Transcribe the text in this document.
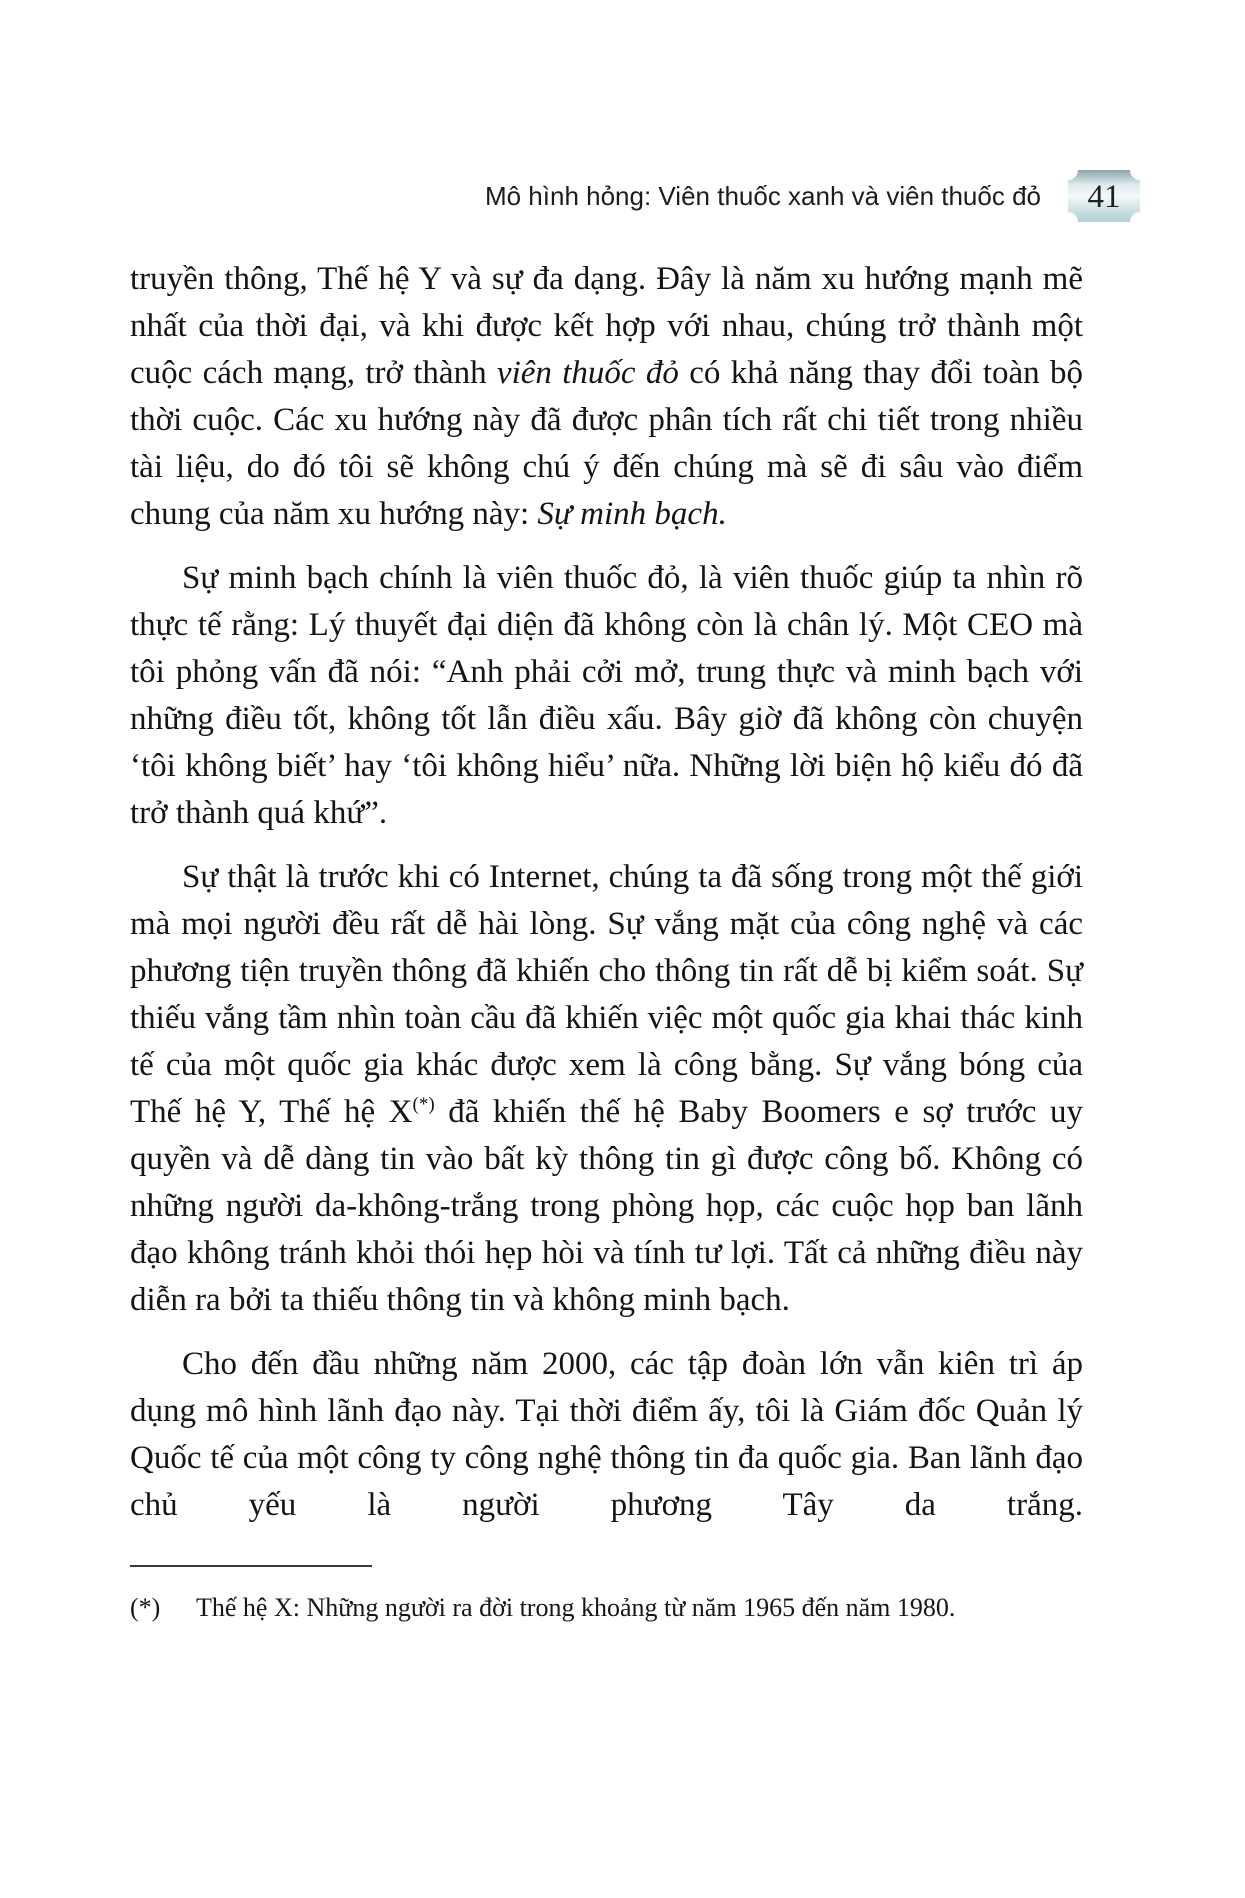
Mô hình hỏng: Viên thuốc xanh và viên thuốc đỏ	41

truyền thông, Thế hệ Y và sự đa dạng. Đây là năm xu hướng mạnh mẽ nhất của thời đại, và khi được kết hợp với nhau, chúng trở thành một cuộc cách mạng, trở thành viên thuốc đỏ có khả năng thay đổi toàn bộ thời cuộc. Các xu hướng này đã được phân tích rất chi tiết trong nhiều tài liệu, do đó tôi sẽ không chú ý đến chúng mà sẽ đi sâu vào điểm chung của năm xu hướng này: Sự minh bạch.

Sự minh bạch chính là viên thuốc đỏ, là viên thuốc giúp ta nhìn rõ thực tế rằng: Lý thuyết đại diện đã không còn là chân lý. Một CEO mà tôi phỏng vấn đã nói: “Anh phải cởi mở, trung thực và minh bạch với những điều tốt, không tốt lẫn điều xấu. Bây giờ đã không còn chuyện ‘tôi không biết’ hay ‘tôi không hiểu’ nữa. Những lời biện hộ kiểu đó đã trở thành quá khứ”.

Sự thật là trước khi có Internet, chúng ta đã sống trong một thế giới mà mọi người đều rất dễ hài lòng. Sự vắng mặt của công nghệ và các phương tiện truyền thông đã khiến cho thông tin rất dễ bị kiểm soát. Sự thiếu vắng tầm nhìn toàn cầu đã khiến việc một quốc gia khai thác kinh tế của một quốc gia khác được xem là công bằng. Sự vắng bóng của Thế hệ Y, Thế hệ X(*) đã khiến thế hệ Baby Boomers e sợ trước uy quyền và dễ dàng tin vào bất kỳ thông tin gì được công bố. Không có những người da-không-trắng trong phòng họp, các cuộc họp ban lãnh đạo không tránh khỏi thói hẹp hòi và tính tư lợi. Tất cả những điều này diễn ra bởi ta thiếu thông tin và không minh bạch.

Cho đến đầu những năm 2000, các tập đoàn lớn vẫn kiên trì áp dụng mô hình lãnh đạo này. Tại thời điểm ấy, tôi là Giám đốc Quản lý Quốc tế của một công ty công nghệ thông tin đa quốc gia. Ban lãnh đạo chủ yếu là người phương Tây da trắng.

(*) Thế hệ X: Những người ra đời trong khoảng từ năm 1965 đến năm 1980.
